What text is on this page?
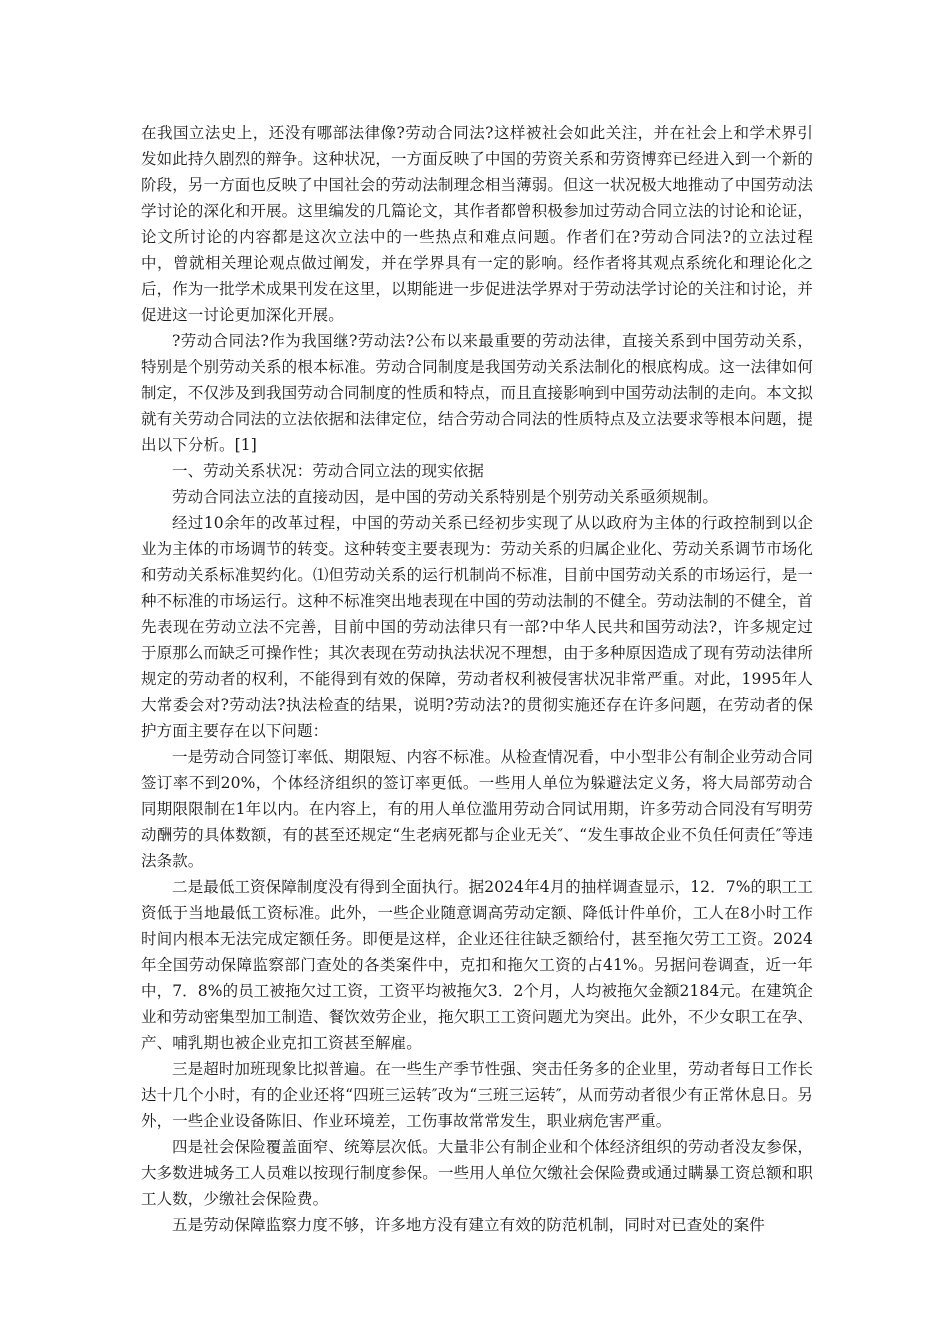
在我国立法史上，还没有哪部法律像?劳动合同法?这样被社会如此关注，并在社会上和学术界引发如此持久剧烈的辩争。这种状况，一方面反映了中国的劳资关系和劳资博弈已经进入到一个新的阶段，另一方面也反映了中国社会的劳动法制理念相当薄弱。但这一状况极大地推动了中国劳动法学讨论的深化和开展。这里编发的几篇论文，其作者都曾积极参加过劳动合同立法的讨论和论证，论文所讨论的内容都是这次立法中的一些热点和难点问题。作者们在?劳动合同法?的立法过程中，曾就相关理论观点做过阐发，并在学界具有一定的影响。经作者将其观点系统化和理论化之后，作为一批学术成果刊发在这里，以期能进一步促进法学界对于劳动法学讨论的关注和讨论，并促进这一讨论更加深化开展。

?劳动合同法?作为我国继?劳动法?公布以来最重要的劳动法律，直接关系到中国劳动关系，特别是个别劳动关系的根本标准。劳动合同制度是我国劳动关系法制化的根底构成。这一法律如何制定，不仅涉及到我国劳动合同制度的性质和特点，而且直接影响到中国劳动法制的走向。本文拟就有关劳动合同法的立法依据和法律定位，结合劳动合同法的性质特点及立法要求等根本问题，提出以下分析。[1]

一、劳动关系状况：劳动合同立法的现实依据

劳动合同法立法的直接动因，是中国的劳动关系特别是个别劳动关系亟须规制。

经过10余年的改革过程，中国的劳动关系已经初步实现了从以政府为主体的行政控制到以企业为主体的市场调节的转变。这种转变主要表现为：劳动关系的归属企业化、劳动关系调节市场化和劳动关系标准契约化。⑴但劳动关系的运行机制尚不标准，目前中国劳动关系的市场运行，是一种不标准的市场运行。这种不标准突出地表现在中国的劳动法制的不健全。劳动法制的不健全，首先表现在劳动立法不完善，目前中国的劳动法律只有一部?中华人民共和国劳动法?，许多规定过于原那么而缺乏可操作性；其次表现在劳动执法状况不理想，由于多种原因造成了现有劳动法律所规定的劳动者的权利，不能得到有效的保障，劳动者权利被侵害状况非常严重。对此，1995年人大常委会对?劳动法?执法检查的结果，说明?劳动法?的贯彻实施还存在许多问题，在劳动者的保护方面主要存在以下问题：

一是劳动合同签订率低、期限短、内容不标准。从检查情况看，中小型非公有制企业劳动合同签订率不到20%，个体经济组织的签订率更低。一些用人单位为躲避法定义务，将大局部劳动合同期限限制在1年以内。在内容上，有的用人单位滥用劳动合同试用期，许多劳动合同没有写明劳动酬劳的具体数额，有的甚至还规定“生老病死都与企业无关″、“发生事故企业不负任何责任″等违法条款。

二是最低工资保障制度没有得到全面执行。据2024年4月的抽样调查显示，12．7%的职工工资低于当地最低工资标准。此外，一些企业随意调高劳动定额、降低计件单价，工人在8小时工作时间内根本无法完成定额任务。即便是这样，企业还往往缺乏额给付，甚至拖欠劳工工资。2024年全国劳动保障监察部门查处的各类案件中，克扣和拖欠工资的占41%。另据问卷调查，近一年中，7．8%的员工被拖欠过工资，工资平均被拖欠3．2个月，人均被拖欠金额2184元。在建筑企业和劳动密集型加工制造、餐饮效劳企业，拖欠职工工资问题尤为突出。此外，不少女职工在孕、产、哺乳期也被企业克扣工资甚至解雇。

三是超时加班现象比拟普遍。在一些生产季节性强、突击任务多的企业里，劳动者每日工作长达十几个小时，有的企业还将“四班三运转″改为“三班三运转″，从而劳动者很少有正常休息日。另外，一些企业设备陈旧、作业环境差，工伤事故常常发生，职业病危害严重。

四是社会保险覆盖面窄、统筹层次低。大量非公有制企业和个体经济组织的劳动者没友参保，大多数进城务工人员难以按现行制度参保。一些用人单位欠缴社会保险费或通过瞒暴工资总额和职工人数，少缴社会保险费。

五是劳动保障监察力度不够，许多地方没有建立有效的防范机制，同时对已查处的案件
